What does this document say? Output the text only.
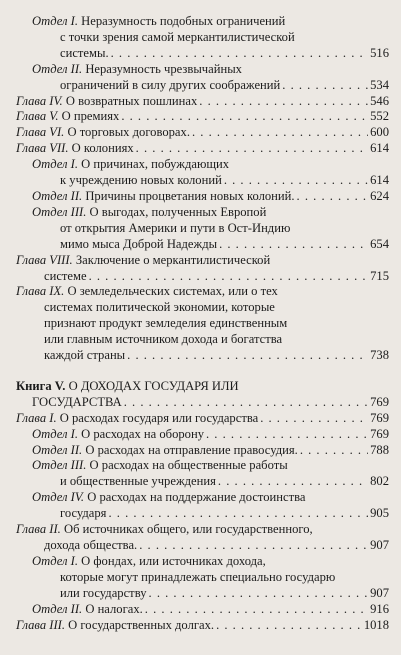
Отдел I. Неразумность подобных ограничений
с точки зрения самой меркантилистической
системы. . . .	516
Отдел II. Неразумность чрезвычайных
ограничений в силу других соображений . . .	534
Глава IV. О возвратных пошлинах . . .	546
Глава V. О премиях . . .	552
Глава VI. О торговых договорах. . . .	600
Глава VII. О колониях . . .	614
Отдел I. О причинах, побуждающих
к учреждению новых колоний . . .	614
Отдел II. Причины процветания новых колоний. . . .	624
Отдел III. О выгодах, полученных Европой
от открытия Америки и пути в Ост-Индию
мимо мыса Доброй Надежды . . .	654
Глава VIII. Заключение о меркантилистической
системе . . .	715
Глава IX. О земледельческих системах, или о тех
системах политической экономии, которые
признают продукт земледелия единственным
или главным источником дохода и богатства
каждой страны . . .	738
Книга V. О ДОХОДАХ ГОСУДАРЯ ИЛИ
ГОСУДАРСТВА . . .	769
Глава I. О расходах государя или государства . . .	769
Отдел I. О расходах на оборону . . .	769
Отдел II. О расходах на отправление правосудия. . . .	788
Отдел III. О расходах на общественные работы
и общественные учреждения . . .	802
Отдел IV. О расходах на поддержание достоинства
государя . . .	905
Глава II. Об источниках общего, или государственного,
дохода общества. . . .	907
Отдел I. О фондах, или источниках дохода,
которые могут принадлежать специально государю
или государству . . .	907
Отдел II. О налогах. . . .	916
Глава III. О государственных долгах. . . .	1018
